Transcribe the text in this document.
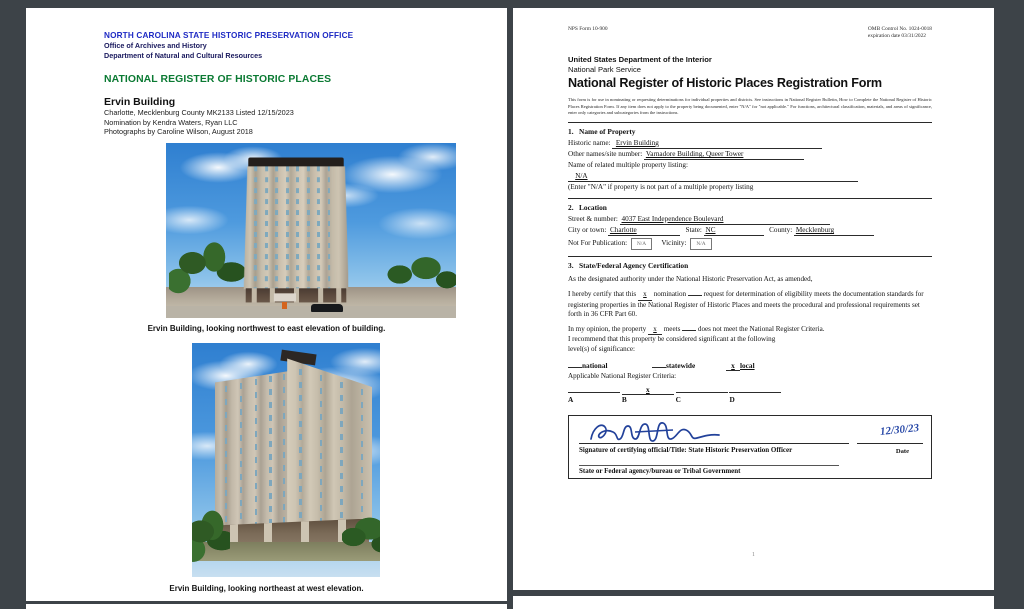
NORTH CAROLINA STATE HISTORIC PRESERVATION OFFICE
Office of Archives and History
Department of Natural and Cultural Resources
NATIONAL REGISTER OF HISTORIC PLACES
Ervin Building
Charlotte, Mecklenburg County MK2133 Listed 12/15/2023
Nomination by Kendra Waters, Ryan LLC
Photographs by Caroline Wilson, August 2018
Ervin Building, looking northwest to east elevation of building.
Ervin Building, looking northeast at west elevation.
NPS Form 10-900	OMB Control No. 1024-0018
expiration date 03/31/2022
United States Department of the Interior
National Park Service
National Register of Historic Places Registration Form
This form is for use in nominating or requesting determinations for individual properties and districts. See instructions in National Register Bulletin, How to Complete the National Register of Historic Places Registration Form. If any item does not apply to the property being documented, enter "N/A" for "not applicable." For functions, architectural classification, materials, and areas of significance, enter only categories and subcategories from the instructions.
1. Name of Property
Historic name: Ervin Building
Other names/site number: Varnadore Building, Queer Tower
Name of related multiple property listing:
N/A
(Enter "N/A" if property is not part of a multiple property listing
2. Location
Street & number: 4037 East Independence Boulevard
City or town: Charlotte	State: NC	County: Mecklenburg
Not For Publication: N/A Vicinity: N/A
3. State/Federal Agency Certification
As the designated authority under the National Historic Preservation Act, as amended,
I hereby certify that this x nomination request for determination of eligibility meets the documentation standards for registering properties in the National Register of Historic Places and meets the procedural and professional requirements set forth in 36 CFR Part 60.
In my opinion, the property x meets does not meet the National Register Criteria.
I recommend that this property be considered significant at the following
level(s) of significance:
national	statewide	x local
Applicable National Register Criteria:
A	$\frac{x}{B}$ C	D
12/30/23
Signature of certifying official/Title: State Historic Preservation Officer	Date
State or Federal agency/bureau or Tribal Government
1
